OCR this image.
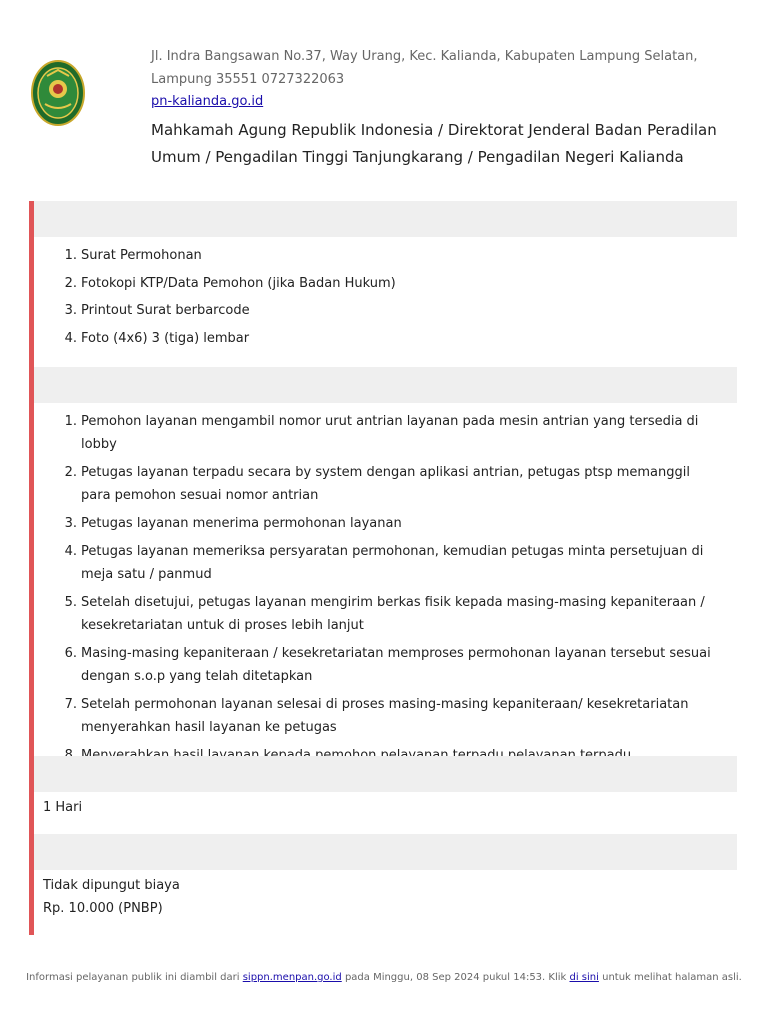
Jl. Indra Bangsawan No.37, Way Urang, Kec. Kalianda, Kabupaten Lampung Selatan, Lampung 35551 0727322063
pn-kalianda.go.id
Mahkamah Agung Republik Indonesia / Direktorat Jenderal Badan Peradilan Umum / Pengadilan Tinggi Tanjungkarang / Pengadilan Negeri Kalianda
1. Surat Permohonan
2. Fotokopi KTP/Data Pemohon (jika Badan Hukum)
3. Printout Surat berbarcode
4. Foto (4x6) 3 (tiga) lembar
1. Pemohon layanan mengambil nomor urut antrian layanan pada mesin antrian yang tersedia di lobby
2. Petugas layanan terpadu secara by system dengan aplikasi antrian, petugas ptsp memanggil para pemohon sesuai nomor antrian
3. Petugas layanan menerima permohonan layanan
4. Petugas layanan memeriksa persyaratan permohonan, kemudian petugas minta persetujuan di meja satu / panmud
5. Setelah disetujui, petugas layanan mengirim berkas fisik kepada masing-masing kepaniteraan / kesekretariatan untuk di proses lebih lanjut
6. Masing-masing kepaniteraan / kesekretariatan memproses permohonan layanan tersebut sesuai dengan s.o.p yang telah ditetapkan
7. Setelah permohonan layanan selesai di proses masing-masing kepaniteraan/ kesekretariatan menyerahkan hasil layanan ke petugas
1 Hari
Tidak dipungut biaya
Rp. 10.000 (PNBP)
Informasi pelayanan publik ini diambil dari sippn.menpan.go.id pada Minggu, 08 Sep 2024 pukul 14:53. Klik di sini untuk melihat halaman asli.
